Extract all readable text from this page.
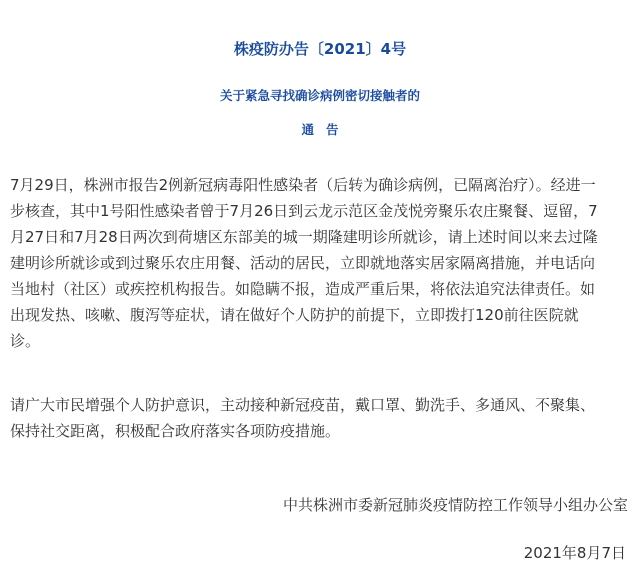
株疫防办告〔2021〕4号
关于紧急寻找确诊病例密切接触者的
通告
7月29日，株洲市报告2例新冠病毒阳性感染者（后转为确诊病例，已隔离治疗）。经进一
步核查，其中1号阳性感染者曾于7月26日到云龙示范区金茂悦旁聚乐农庄聚餐、逗留，7
月27日和7月28日两次到荷塘区东部美的城一期隆建明诊所就诊，请上述时间以来去过隆
建明诊所就诊或到过聚乐农庄用餐、活动的居民，立即就地落实居家隔离措施，并电话向
当地村（社区）或疾控机构报告。如隐瞒不报，造成严重后果，将依法追究法律责任。如
出现发热、咳嗽、腹泻等症状，请在做好个人防护的前提下，立即拨打120前往医院就
诊。
请广大市民增强个人防护意识，主动接种新冠疫苗，戴口罩、勤洗手、多通风、不聚集、
保持社交距离，积极配合政府落实各项防疫措施。
中共株洲市委新冠肺炎疫情防控工作领导小组办公室
2021年8月7日
